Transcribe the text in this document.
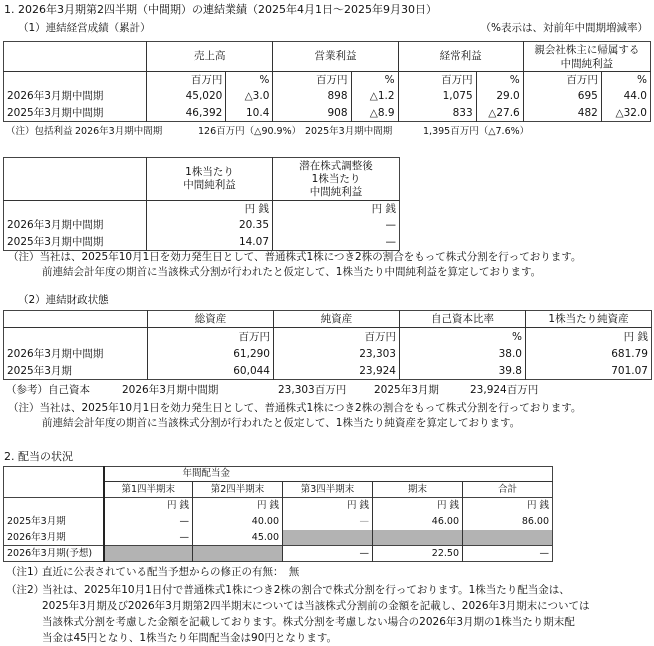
1. 2026年3月期第2四半期（中間期）の連結業績（2025年4月1日～2025年9月30日）
（1）連結経営成績（累計）	（%表示は、対前年中間期増減率）
	売上高		営業利益		経常利益		親会社株主に帰属する
中間純利益	

	百万円	%	百万円	%	百万円	%	百万円	%
2026年3月期中間期	45,020	△3.0	898	△1.2	1,075	29.0	695	44.0
2025年3月期中間期	46,392	10.4	908	△8.9	833	△27.6	482	△32.0
（注）包括利益 2026年3月期中間期	126百万円（△90.9%） 2025年3月期中間期	1,395百万円（△7.6%）

1株当たり
中間純利益

潜在株式調整後
1株当たり
中間純利益

	円 銭	円 銭
2026年3月期中間期	20.35	—
2025年3月期中間期	14.07	—
（注）当社は、2025年10月1日を効力発生日として、普通株式1株につき2株の割合をもって株式分割を行っております。
前連結会計年度の期首に当該株式分割が行われたと仮定して、1株当たり中間純利益を算定しております。
（2）連結財政状態
	総資産	純資産	自己資本比率	1株当たり純資産
	百万円	百万円	%	円 銭
2026年3月期中間期	61,290	23,303	38.0	681.79
2025年3月期	60,044	23,924	39.8	701.07
（参考）自己資本	2026年3月期中間期	23,303百万円	2025年3月期	23,924百万円
（注）当社は、2025年10月1日を効力発生日として、普通株式1株につき2株の割合をもって株式分割を行っております。
前連結会計年度の期首に当該株式分割が行われたと仮定して、1株当たり純資産を算定しております。
2. 配当の状況
	年間配当金				
	第1四半期末	第2四半期末	第3四半期末	期末	合計
	円 銭	円 銭	円 銭	円 銭	円 銭
2025年3月期	—	40.00	—	46.00	86.00
2026年3月期	—	45.00			
2026年3月期(予想)			—	22.50	—
（注1）
直近に公表されている配当予想からの修正の有無：　無
（注2）
当社は、2025年10月1日付で普通株式1株につき2株の割合で株式分割を行っております。1株当たり配当金は、
2025年3月期及び2026年3月期第2四半期末については当該株式分割前の金額を記載し、2026年3月期末については
当該株式分割を考慮した金額を記載しております。株式分割を考慮しない場合の2026年3月期の1株当たり期末配
当金は45円となり、1株当たり年間配当金は90円となります。
